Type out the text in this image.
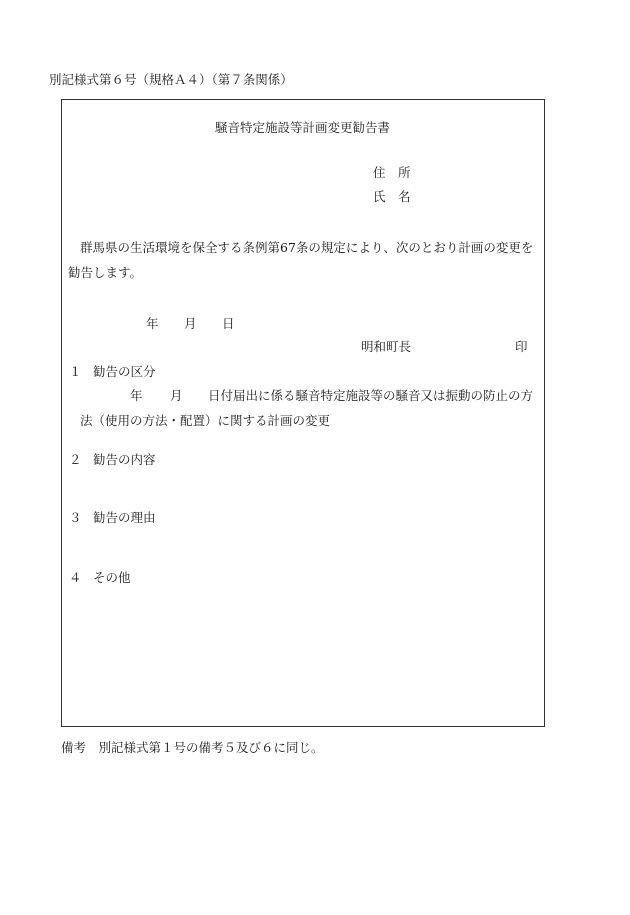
別記様式第６号（規格Ａ４）（第７条関係）
騒音特定施設等計画変更勧告書
住　所
氏　名
群馬県の生活環境を保全する条例第67条の規定により、次のとおり計画の変更を
勧告します。
年 月 日
明和町長	印
１ 勧告の区分
年 月 日付届出に係る騒音特定施設等の騒音又は振動の防止の方
法（使用の方法・配置）に関する計画の変更
２ 勧告の内容
３ 勧告の理由
４ その他
備考　別記様式第１号の備考５及び６に同じ。
